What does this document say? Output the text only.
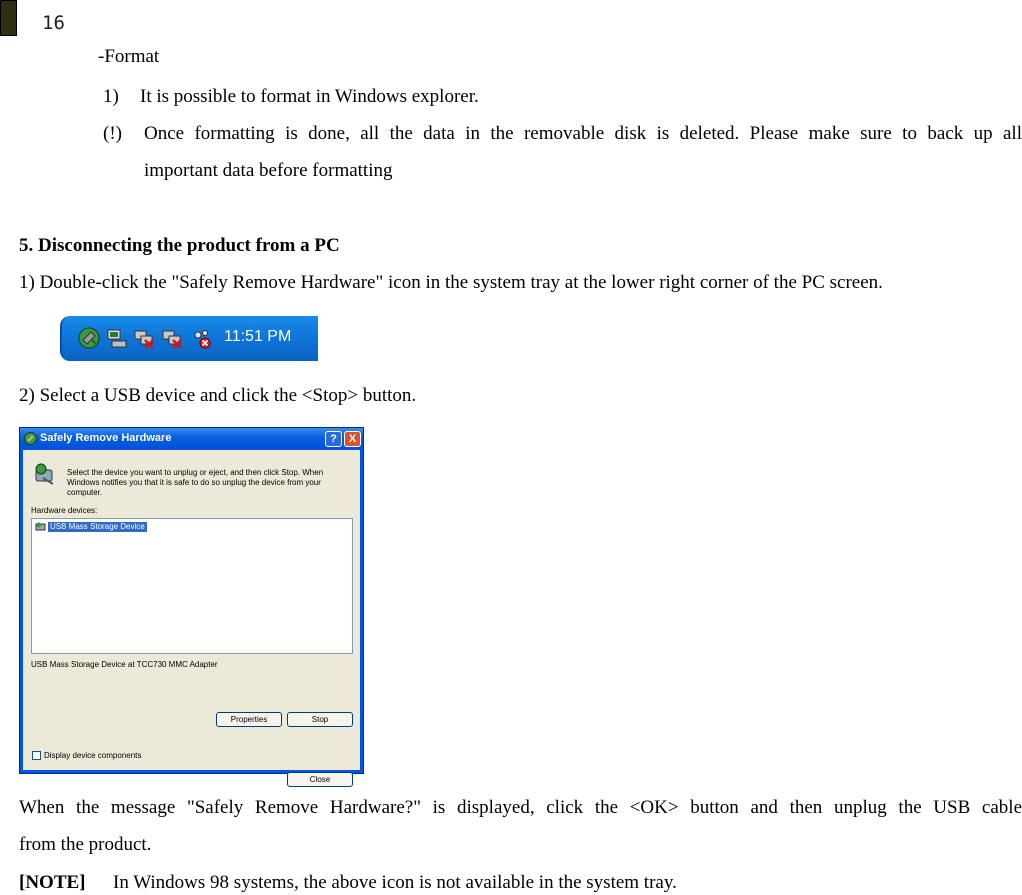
16
-Format
1) It is possible to format in Windows explorer.
(!) Once formatting is done, all the data in the removable disk is deleted. Please make sure to back up all
important data before formatting
5. Disconnecting the product from a PC
1) Double-click the "Safely Remove Hardware" icon in the system tray at the lower right corner of the PC screen.
11:51 PM
2) Select a USB device and click the <Stop> button.
Safely Remove Hardware	?	X
Select the device you want to unplug or eject, and then click Stop. When
Windows notifies you that it is safe to do so unplug the device from your
computer.
Hardware devices:
USB Mass Storage Device
USB Mass Storage Device at TCC730 MMC Adapter
Properties	Stop
Display device components
Close
When the message "Safely Remove Hardware?" is displayed, click the <OK> button and then unplug the USB cable
from the product.
[NOTE] In Windows 98 systems, the above icon is not available in the system tray.
